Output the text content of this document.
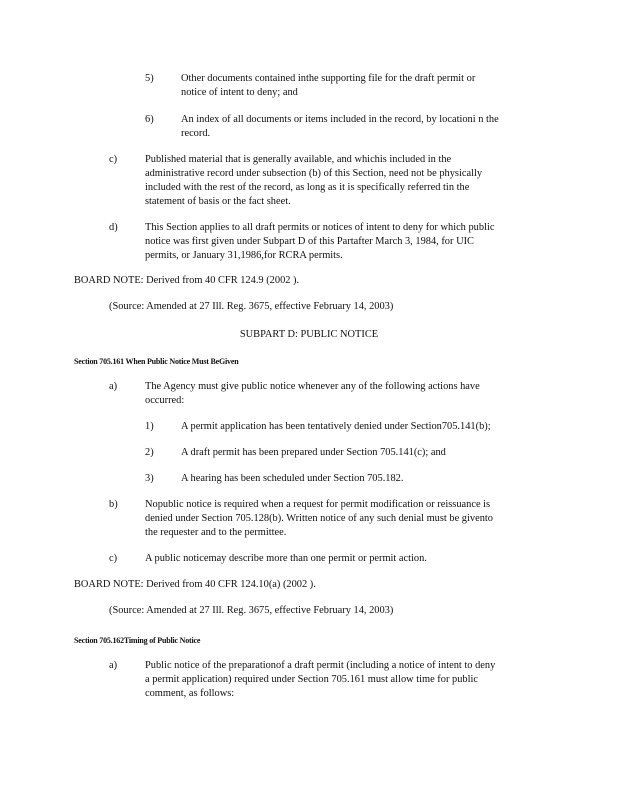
5)	Other documents contained inthe supporting file for the draft permit or
notice of intent to deny; and
6)	An index of all documents or items included in the record, by locationi n the
record.
c)	Published material that is generally available, and whichis included in the
administrative record under subsection (b) of this Section, need not be physically
included with the rest of the record, as long as it is specifically referred tin the
statement of basis or the fact sheet.
d)	This Section applies to all draft permits or notices of intent to deny for which public
notice was first given under Subpart D of this Partafter March 3, 1984, for UIC
permits, or January 31,1986,for RCRA permits.
BOARD NOTE: Derived from 40 CFR 124.9 (2002 ).
(Source: Amended at 27 Ill. Reg. 3675, effective February 14, 2003)
SUBPART D: PUBLIC NOTICE
Section 705.161 When Public Notice Must BeGiven
a)	The Agency must give public notice whenever any of the following actions have
occurred:
1)	A permit application has been tentatively denied under Section705.141(b);
2)	A draft permit has been prepared under Section 705.141(c); and
3)	A hearing has been scheduled under Section 705.182.
b)	Nopublic notice is required when a request for permit modification or reissuance is
denied under Section 705.128(b). Written notice of any such denial must be givento
the requester and to the permittee.
c)	A public noticemay describe more than one permit or permit action.
BOARD NOTE: Derived from 40 CFR 124.10(a) (2002 ).
(Source: Amended at 27 Ill. Reg. 3675, effective February 14, 2003)
Section 705.162Timing of Public Notice
a)	Public notice of the preparationof a draft permit (including a notice of intent to deny
a permit application) required under Section 705.161 must allow time for public
comment, as follows:
